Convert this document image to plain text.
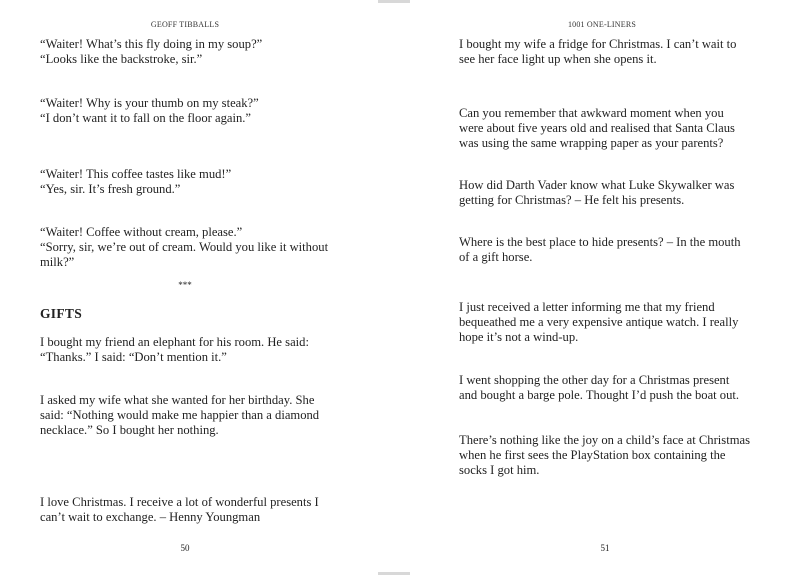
GEOFF TIBBALLS
“Waiter! What’s this fly doing in my soup?”
“Looks like the backstroke, sir.”
“Waiter! Why is your thumb on my steak?”
“I don’t want it to fall on the floor again.”
“Waiter! This coffee tastes like mud!”
“Yes, sir. It’s fresh ground.”
“Waiter! Coffee without cream, please.”
“Sorry, sir, we’re out of cream. Would you like it without
milk?”
I bought my friend an elephant for his room. He said:
“Thanks.” I said: “Don’t mention it.”
I asked my wife what she wanted for her birthday. She
said: “Nothing would make me happier than a diamond
necklace.” So I bought her nothing.
I love Christmas. I receive a lot of wonderful presents I
can’t wait to exchange. – Henny Youngman
***
GIFTS
50
1001 ONE-LINERS
I bought my wife a fridge for Christmas. I can’t wait to
see her face light up when she opens it.
Can you remember that awkward moment when you
were about five years old and realised that Santa Claus
was using the same wrapping paper as your parents?
How did Darth Vader know what Luke Skywalker was
getting for Christmas? – He felt his presents.
Where is the best place to hide presents? – In the mouth
of a gift horse.
I just received a letter informing me that my friend
bequeathed me a very expensive antique watch. I really
hope it’s not a wind-up.
I went shopping the other day for a Christmas present
and bought a barge pole. Thought I’d push the boat out.
There’s nothing like the joy on a child’s face at Christmas
when he first sees the PlayStation box containing the
socks I got him.
51
